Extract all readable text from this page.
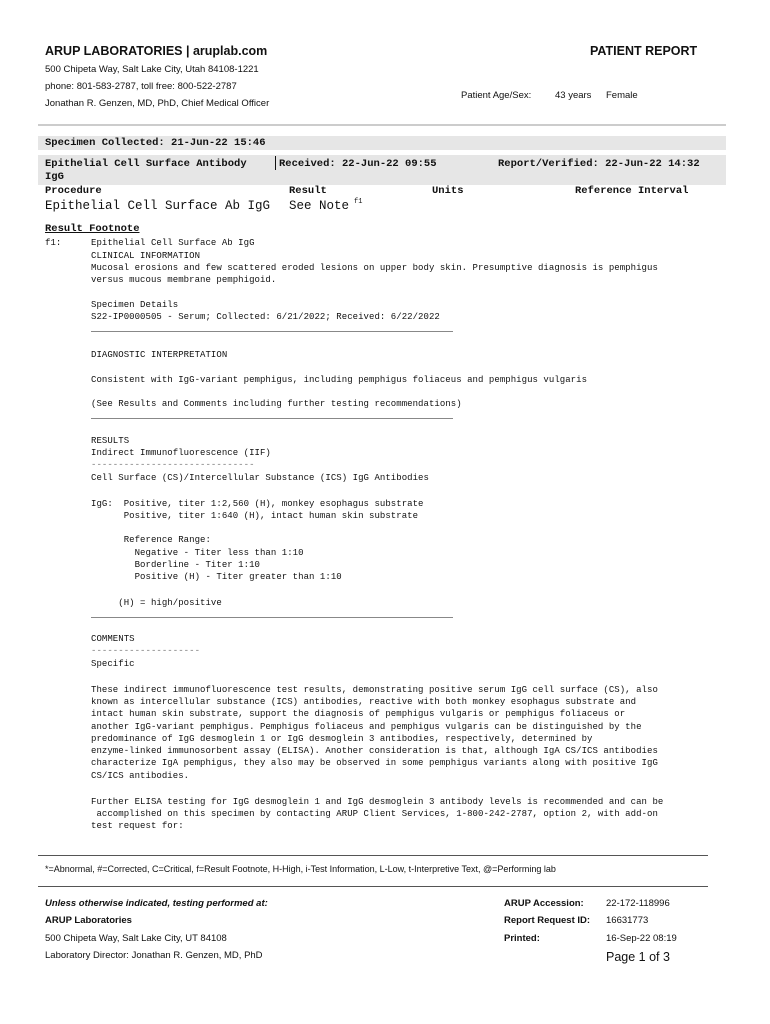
ARUP LABORATORIES | aruplab.com	PATIENT REPORT
500 Chipeta Way, Salt Lake City, Utah 84108-1221
phone: 801-583-2787, toll free: 800-522-2787
Jonathan R. Genzen, MD, PhD, Chief Medical Officer
Patient Age/Sex:	43 years Female
Specimen Collected: 21-Jun-22 15:46
Epithelial Cell Surface Antibody
IgG
Received: 22-Jun-22 09:55	Report/Verified: 22-Jun-22 14:32
Procedure	Result	Units	Reference Interval
Epithelial Cell Surface Ab IgG See Note f1
Result Footnote
f1:	Epithelial Cell Surface Ab IgG
CLINICAL INFORMATION
Mucosal erosions and few scattered eroded lesions on upper body skin. Presumptive diagnosis is pemphigus
versus mucous membrane pemphigoid.
Specimen Details
S22-IP0000505 - Serum; Collected: 6/21/2022; Received: 6/22/2022
DIAGNOSTIC INTERPRETATION
Consistent with IgG-variant pemphigus, including pemphigus foliaceus and pemphigus vulgaris
(See Results and Comments including further testing recommendations)
RESULTS
Indirect Immunofluorescence (IIF)
------------------------------
Cell Surface (CS)/Intercellular Substance (ICS) IgG Antibodies
IgG:  Positive, titer 1:2,560 (H), monkey esophagus substrate
Positive, titer 1:640 (H), intact human skin substrate
Reference Range:
Negative - Titer less than 1:10
Borderline - Titer 1:10
Positive (H) - Titer greater than 1:10
(H) = high/positive
COMMENTS
--------------------
Specific
These indirect immunofluorescence test results, demonstrating positive serum IgG cell surface (CS), also
known as intercellular substance (ICS) antibodies, reactive with both monkey esophagus substrate and
intact human skin substrate, support the diagnosis of pemphigus vulgaris or pemphigus foliaceus or
another IgG-variant pemphigus. Pemphigus foliaceus and pemphigus vulgaris can be distinguished by the
predominance of IgG desmoglein 1 or IgG desmoglein 3 antibodies, respectively, determined by
enzyme-linked immunosorbent assay (ELISA). Another consideration is that, although IgA CS/ICS antibodies
characterize IgA pemphigus, they also may be observed in some pemphigus variants along with positive IgG
CS/ICS antibodies.
Further ELISA testing for IgG desmoglein 1 and IgG desmoglein 3 antibody levels is recommended and can be
accomplished on this specimen by contacting ARUP Client Services, 1-800-242-2787, option 2, with add-on
test request for:
*=Abnormal, #=Corrected, C=Critical, f=Result Footnote, H-High, i-Test Information, L-Low, t-Interpretive Text, @=Performing lab
Unless otherwise indicated, testing performed at:
ARUP Laboratories
500 Chipeta Way, Salt Lake City, UT 84108
Laboratory Director: Jonathan R. Genzen, MD, PhD
ARUP Accession: 22-172-118996
Report Request ID: 16631773
Printed:	16-Sep-22 08:19
Page 1 of 3
